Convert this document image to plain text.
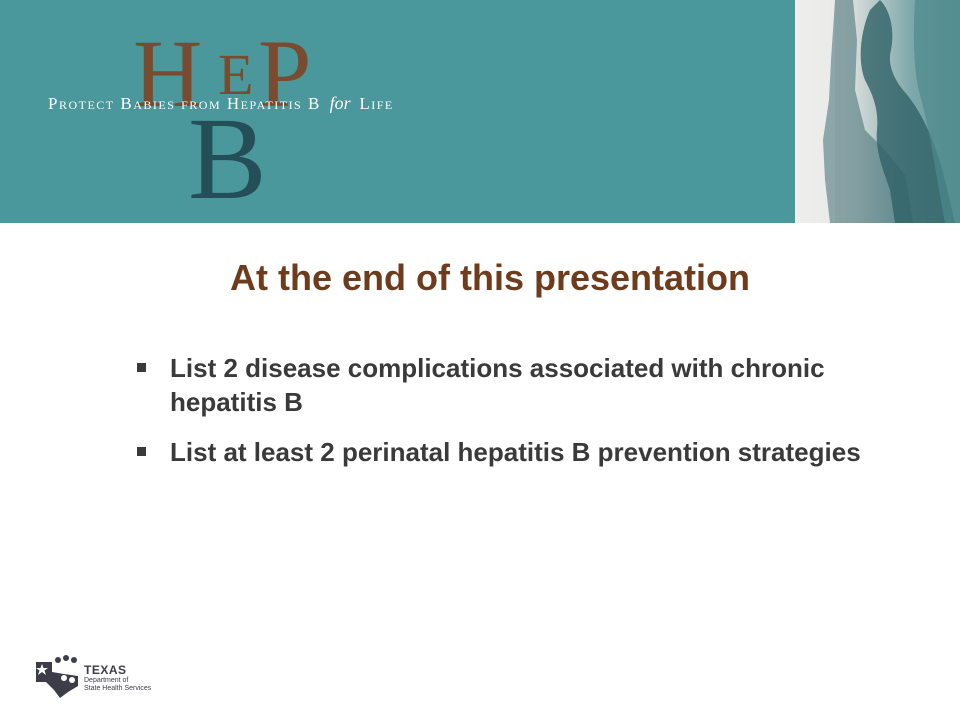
H E P
B
Protect Babies from Hepatitis B for Life
At the end of this presentation
List 2 disease complications associated with chronic hepatitis B
List at least 2 perinatal hepatitis B prevention strategies
TEXAS
Department of
State Health Services
